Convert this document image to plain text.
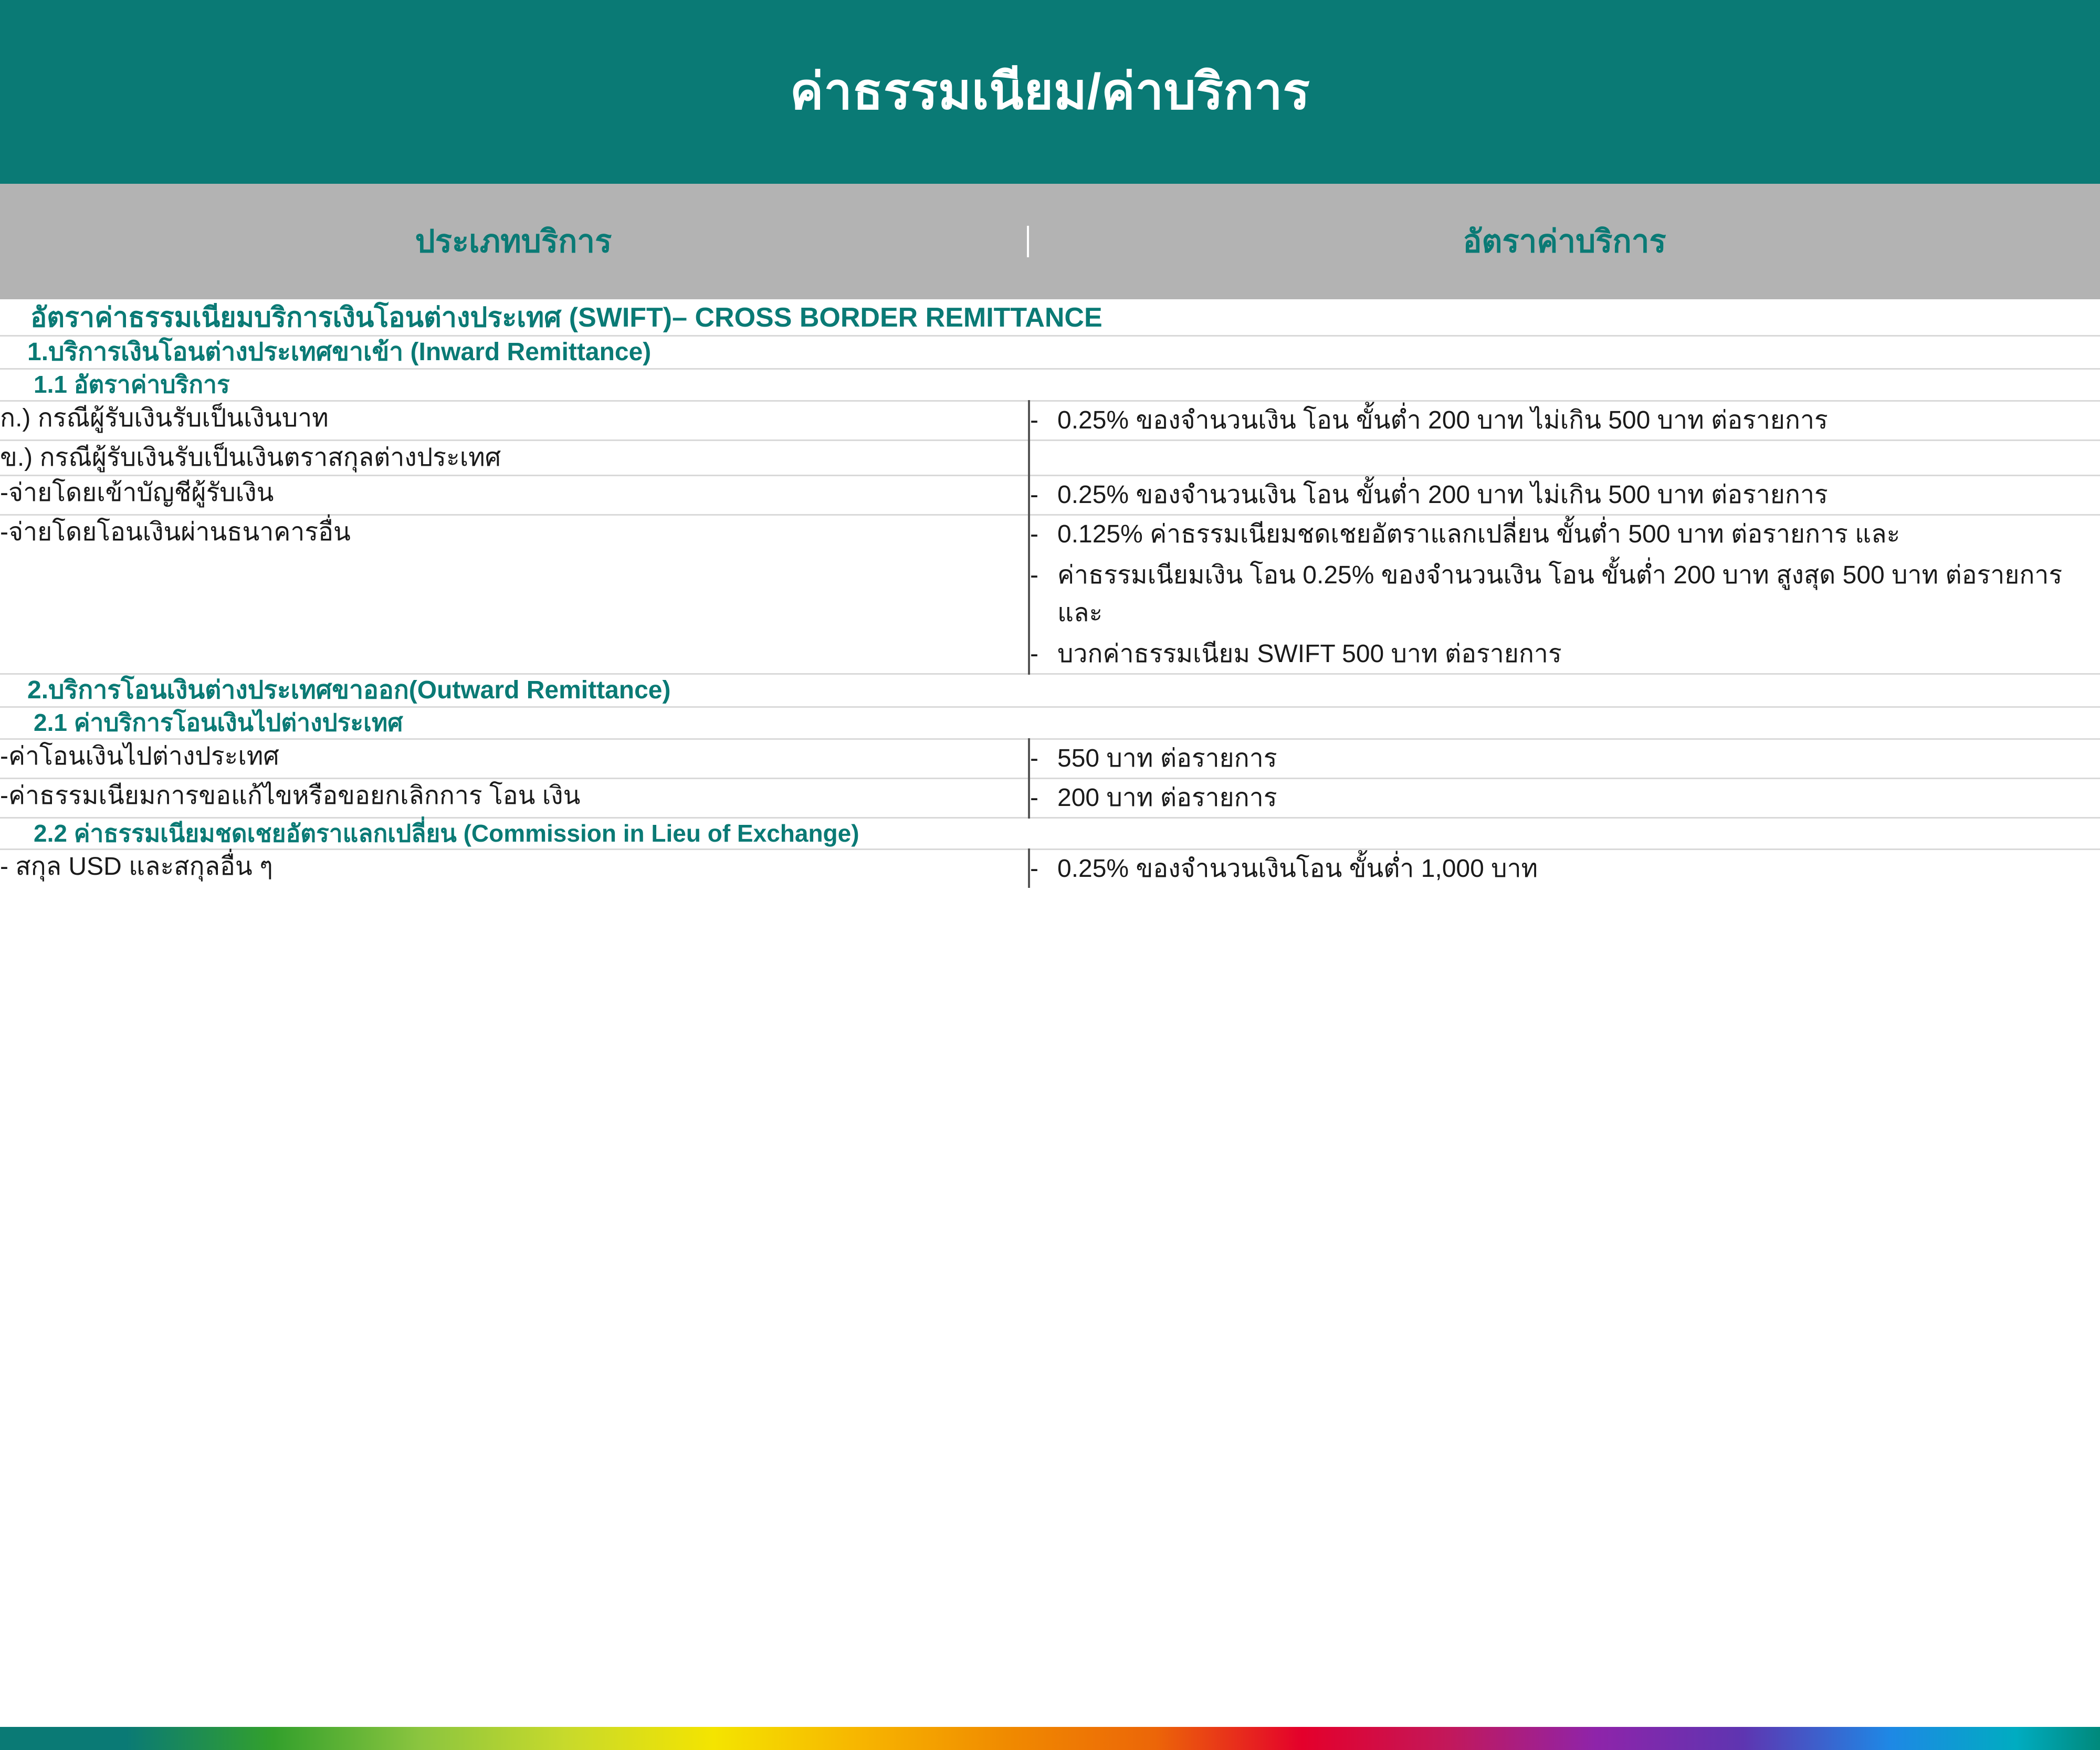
ค่าธรรมเนียม/ค่าบริการ
ประเภทบริการ	อัตราค่าบริการ
อัตราค่าธรรมเนียมบริการเงินโอนต่างประเทศ (SWIFT)– CROSS BORDER REMITTANCE	

1.บริการเงินโอนต่างประเทศขาเข้า (Inward Remittance)	

1.1 อัตราค่าบริการ	

ก.) กรณีผู้รับเงินรับเป็นเงินบาท	- 0.25% ของจำนวนเงิน โอน ขั้นต่ำ 200 บาท ไม่เกิน 500 บาท ต่อรายการ

ข.) กรณีผู้รับเงินรับเป็นเงินตราสกุลต่างประเทศ

-จ่ายโดยเข้าบัญชีผู้รับเงิน	- 0.25% ของจำนวนเงิน โอน ขั้นต่ำ 200 บาท ไม่เกิน 500 บาท ต่อรายการ

-จ่ายโดยโอนเงินผ่านธนาคารอื่น	- 0.125% ค่าธรรมเนียมชดเชยอัตราแลกเปลี่ยน ขั้นต่ำ 500 บาท ต่อรายการ และ
- ค่าธรรมเนียมเงิน โอน 0.25% ของจำนวนเงิน โอน ขั้นต่ำ 200 บาท สูงสุด 500 บาท ต่อรายการ และ
- บวกค่าธรรมเนียม SWIFT 500 บาท ต่อรายการ

2.บริการโอนเงินต่างประเทศขาออก(Outward Remittance)	

2.1 ค่าบริการโอนเงินไปต่างประเทศ	

-ค่าโอนเงินไปต่างประเทศ	- 550 บาท ต่อรายการ

-ค่าธรรมเนียมการขอแก้ไขหรือขอยกเลิกการ โอน เงิน	- 200 บาท ต่อรายการ

2.2 ค่าธรรมเนียมชดเชยอัตราแลกเปลี่ยน (Commission in Lieu of Exchange)	

- สกุล USD และสกุลอื่น ๆ	- 0.25% ของจำนวนเงินโอน ขั้นต่ำ 1,000 บาท
